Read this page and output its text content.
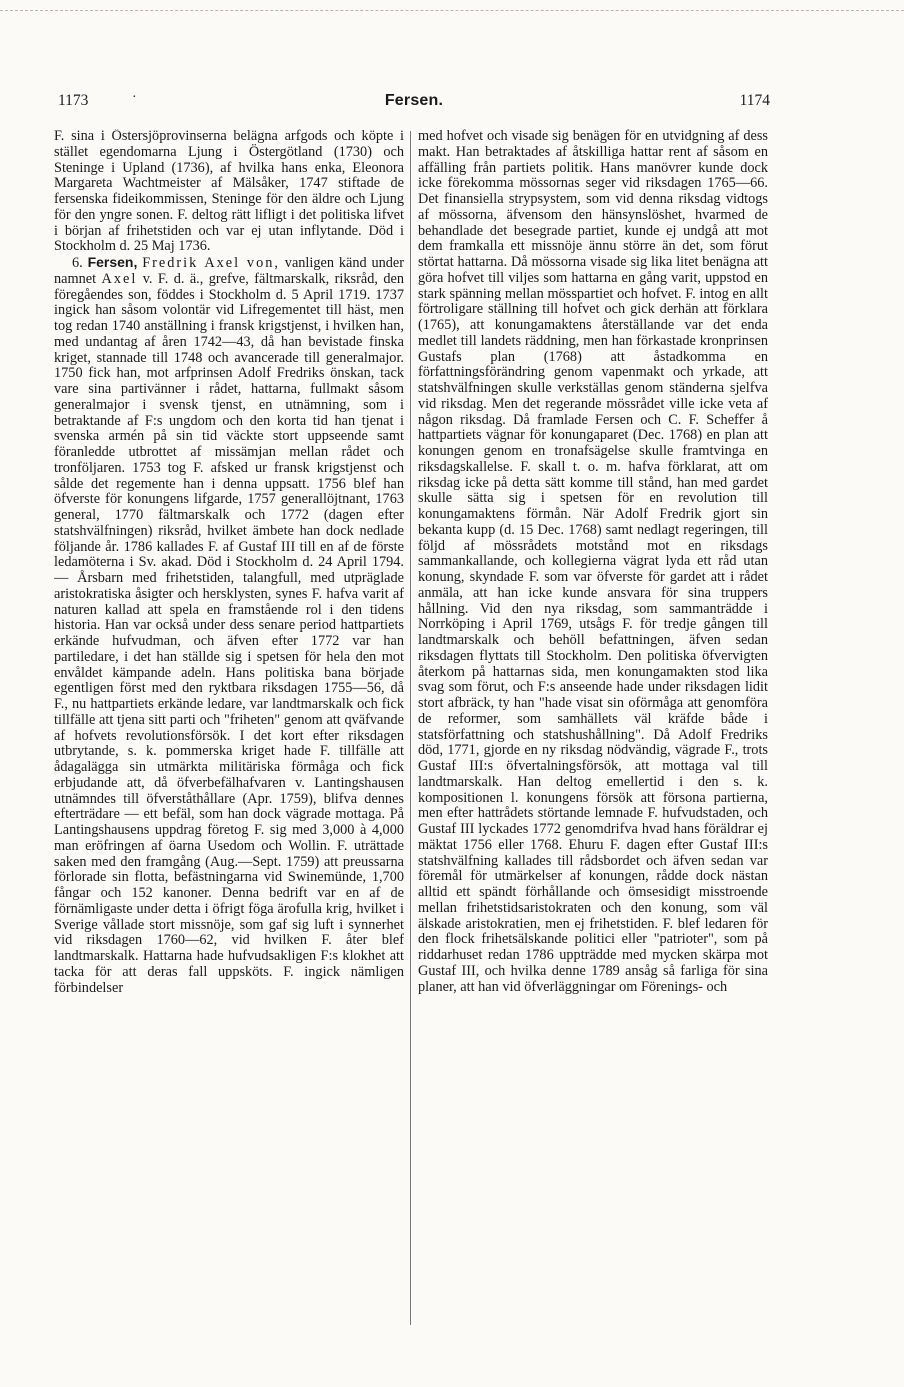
1173	·	Fersen.	1174

F. sina i Östersjöprovinserna belägna arfgods och köpte i stället egendomarna Ljung i Östergötland (1730) och Steninge i Upland (1736), af hvilka hans enka, Eleonora Margareta Wachtmeister af Mälsåker, 1747 stiftade de fersenska fideikommissen, Steninge för den äldre och Ljung för den yngre sonen. F. deltog rätt lifligt i det politiska lifvet i början af frihetstiden och var ej utan inflytande. Död i Stockholm d. 25 Maj 1736.

6. Fersen, Fredrik Axel von, vanligen känd under namnet Axel v. F. d. ä., grefve, fältmarskalk, riksråd, den föregåendes son, föddes i Stockholm d. 5 April 1719. 1737 ingick han såsom volontär vid Lifregementet till häst, men tog redan 1740 anställning i fransk krigstjenst, i hvilken han, med undantag af åren 1742—43, då han bevistade finska kriget, stannade till 1748 och avancerade till generalmajor. 1750 fick han, mot arfprinsen Adolf Fredriks önskan, tack vare sina partivänner i rådet, hattarna, fullmakt såsom generalmajor i svensk tjenst, en utnämning, som i betraktande af F:s ungdom och den korta tid han tjenat i svenska armén på sin tid väckte stort uppseende samt föranledde utbrottet af missämjan mellan rådet och tronföljaren. 1753 tog F. afsked ur fransk krigstjenst och sålde det regemente han i denna uppsatt. 1756 blef han öfverste för konungens lifgarde, 1757 generallöjtnant, 1763 general, 1770 fältmarskalk och 1772 (dagen efter statshvälfningen) riksråd, hvilket ämbete han dock nedlade följande år. 1786 kallades F. af Gustaf III till en af de förste ledamöterna i Sv. akad. Död i Stockholm d. 24 April 1794. — Årsbarn med frihetstiden, talangfull, med utpräglade aristokratiska åsigter och hersklysten, synes F. hafva varit af naturen kallad att spela en framstående rol i den tidens historia. Han var också under dess senare period hattpartiets erkände hufvudman, och äfven efter 1772 var han partiledare, i det han ställde sig i spetsen för hela den mot envåldet kämpande adeln. Hans politiska bana började egentligen först med den ryktbara riksdagen 1755—56, då F., nu hattpartiets erkände ledare, var landtmarskalk och fick tillfälle att tjena sitt parti och "friheten" genom att qväfvande af hofvets revolutionsförsök. I det kort efter riksdagen utbrytande, s. k. pommerska kriget hade F. tillfälle att ådagalägga sin utmärkta militäriska förmåga och fick erbjudande att, då öfverbefälhafvaren v. Lantingshausen utnämndes till öfverståthållare (Apr. 1759), blifva dennes efterträdare — ett befäl, som han dock vägrade mottaga. På Lantingshausens uppdrag företog F. sig med 3,000 à 4,000 man eröfringen af öarna Usedom och Wollin. F. uträttade saken med den framgång (Aug.—Sept. 1759) att preussarna förlorade sin flotta, befästningarna vid Swinemünde, 1,700 fångar och 152 kanoner. Denna bedrift var en af de förnämligaste under detta i öfrigt föga ärofulla krig, hvilket i Sverige vållade stort missnöje, som gaf sig luft i synnerhet vid riksdagen 1760—62, vid hvilken F. åter blef landtmarskalk. Hattarna hade hufvudsakligen F:s klokhet att tacka för att deras fall uppsköts. F. ingick nämligen förbindelser

med hofvet och visade sig benägen för en utvidgning af dess makt. Han betraktades af åtskilliga hattar rent af såsom en affälling från partiets politik. Hans manövrer kunde dock icke förekomma mössornas seger vid riksdagen 1765—66. Det finansiella strypsystem, som vid denna riksdag vidtogs af mössorna, äfvensom den hänsynslöshet, hvarmed de behandlade det besegrade partiet, kunde ej undgå att mot dem framkalla ett missnöje ännu större än det, som förut störtat hattarna. Då mössorna visade sig lika litet benägna att göra hofvet till viljes som hattarna en gång varit, uppstod en stark spänning mellan mösspartiet och hofvet. F. intog en allt förtroligare ställning till hofvet och gick derhän att förklara (1765), att konungamaktens återställande var det enda medlet till landets räddning, men han förkastade kronprinsen Gustafs plan (1768) att åstadkomma en författningsförändring genom vapenmakt och yrkade, att statshvälfningen skulle verkställas genom ständerna sjelfva vid riksdag. Men det regerande mössrådet ville icke veta af någon riksdag. Då framlade Fersen och C. F. Scheffer å hattpartiets vägnar för konungaparet (Dec. 1768) en plan att konungen genom en tronafsägelse skulle framtvinga en riksdagskallelse. F. skall t. o. m. hafva förklarat, att om riksdag icke på detta sätt komme till stånd, han med gardet skulle sätta sig i spetsen för en revolution till konungamaktens förmån. När Adolf Fredrik gjort sin bekanta kupp (d. 15 Dec. 1768) samt nedlagt regeringen, till följd af mössrådets motstånd mot en riksdags sammankallande, och kollegierna vägrat lyda ett råd utan konung, skyndade F. som var öfverste för gardet att i rådet anmäla, att han icke kunde ansvara för sina truppers hållning. Vid den nya riksdag, som sammanträdde i Norrköping i April 1769, utsågs F. för tredje gången till landtmarskalk och behöll befattningen, äfven sedan riksdagen flyttats till Stockholm. Den politiska öfvervigten återkom på hattarnas sida, men konungamakten stod lika svag som förut, och F:s anseende hade under riksdagen lidit stort afbräck, ty han "hade visat sin oförmåga att genomföra de reformer, som samhällets väl kräfde både i statsförfattning och statshushållning". Då Adolf Fredriks död, 1771, gjorde en ny riksdag nödvändig, vägrade F., trots Gustaf III:s öfvertalningsförsök, att mottaga val till landtmarskalk. Han deltog emellertid i den s. k. kompositionen l. konungens försök att försona partierna, men efter hattrådets störtande lemnade F. hufvudstaden, och Gustaf III lyckades 1772 genomdrifva hvad hans föräldrar ej mäktat 1756 eller 1768. Ehuru F. dagen efter Gustaf III:s statshvälfning kallades till rådsbordet och äfven sedan var föremål för utmärkelser af konungen, rådde dock nästan alltid ett spändt förhållande och ömsesidigt misstroende mellan frihetstidsaristokraten och den konung, som väl älskade aristokratien, men ej frihetstiden. F. blef ledaren för den flock frihetsälskande politici eller "patrioter", som på riddarhuset redan 1786 uppträdde med mycken skärpa mot Gustaf III, och hvilka denne 1789 ansåg så farliga för sina planer, att han vid öfverläggningar om Förenings- och
